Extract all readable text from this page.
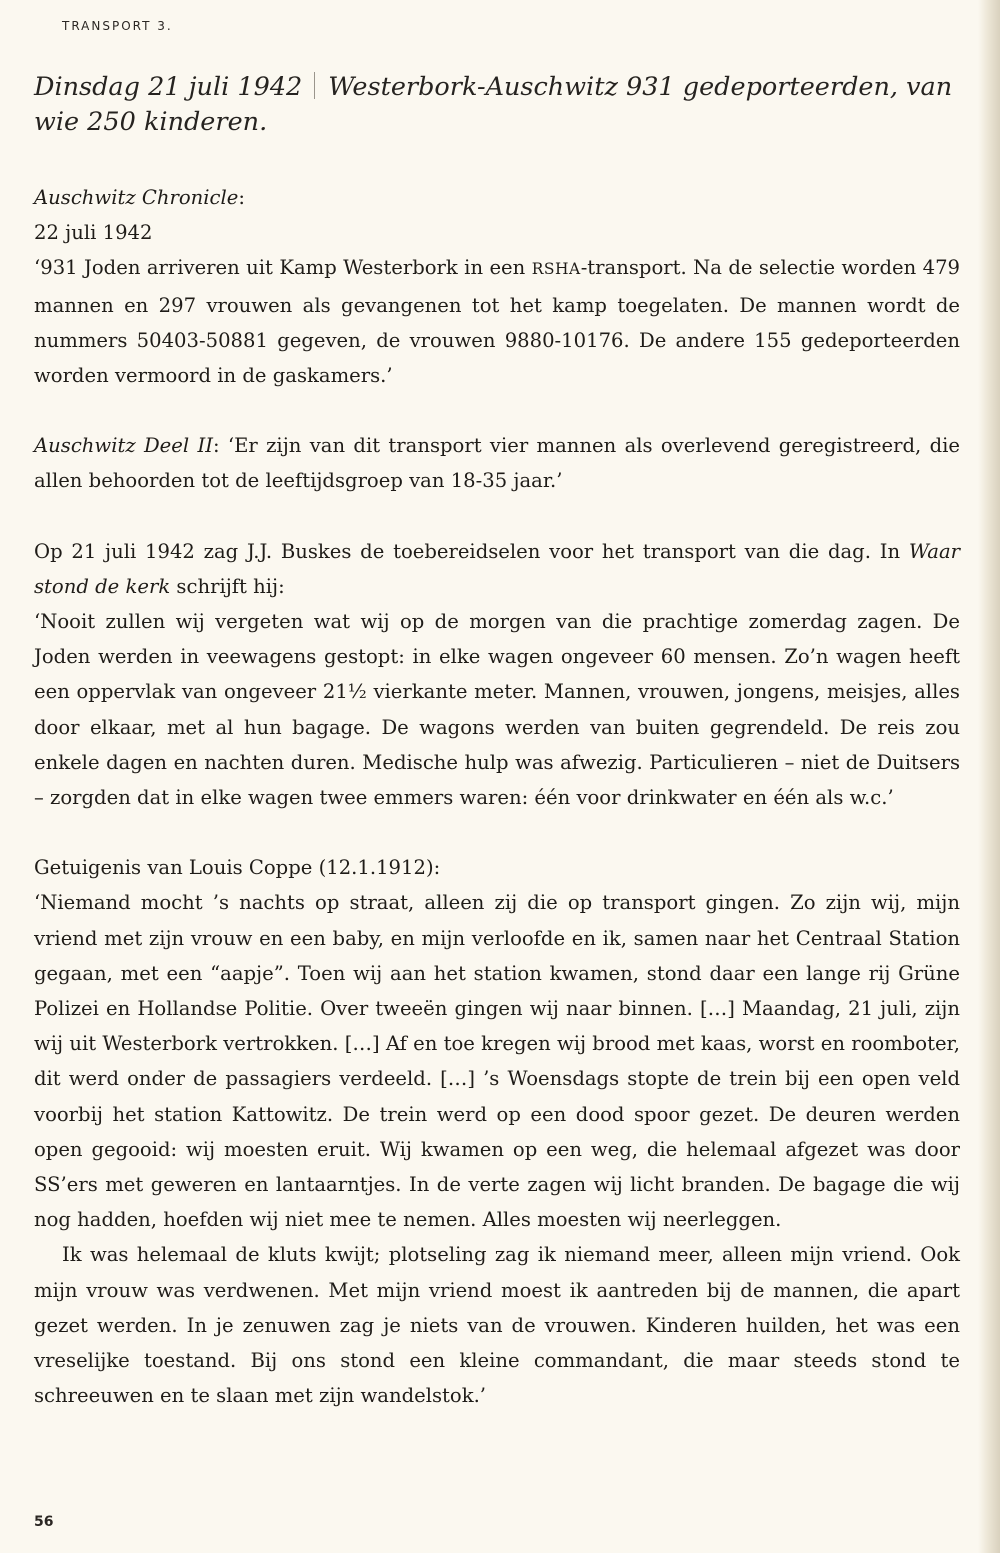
TRANSPORT 3.
Dinsdag 21 juli 1942 Westerbork-Auschwitz 931 gedeporteerden, van
wie 250 kinderen.

Auschwitz Chronicle:

22 juli 1942

‘931 Joden arriveren uit Kamp Westerbork in een RSHA-transport. Na de selectie worden 479 mannen en 297 vrouwen als gevangenen tot het kamp toegelaten. De mannen wordt de nummers 50403-50881 gegeven, de vrouwen 9880-10176. De andere 155 gedeporteerden worden vermoord in de gaskamers.’

Auschwitz Deel II: ‘Er zijn van dit transport vier mannen als overlevend geregistreerd, die allen behoorden tot de leeftijdsgroep van 18-35 jaar.’

Op 21 juli 1942 zag J.J. Buskes de toebereidselen voor het transport van die dag. In Waar stond de kerk schrijft hij:

‘Nooit zullen wij vergeten wat wij op de morgen van die prachtige zomerdag zagen. De Joden werden in veewagens gestopt: in elke wagen ongeveer 60 mensen. Zo’n wagen heeft een oppervlak van ongeveer 21½ vierkante meter. Mannen, vrouwen, jongens, meisjes, alles door elkaar, met al hun bagage. De wagons werden van buiten gegrendeld. De reis zou enkele dagen en nachten duren. Medische hulp was afwezig. Particulieren – niet de Duitsers – zorgden dat in elke wagen twee emmers waren: één voor drinkwater en één als w.c.’

Getuigenis van Louis Coppe (12.1.1912):

‘Niemand mocht ’s nachts op straat, alleen zij die op transport gingen. Zo zijn wij, mijn vriend met zijn vrouw en een baby, en mijn verloofde en ik, samen naar het Centraal Station gegaan, met een “aapje”. Toen wij aan het station kwamen, stond daar een lange rij Grüne Polizei en Hollandse Politie. Over tweeën gingen wij naar binnen. […] Maandag, 21 juli, zijn wij uit Westerbork vertrokken. […] Af en toe kregen wij brood met kaas, worst en roomboter, dit werd onder de passagiers verdeeld. […] ’s Woensdags stopte de trein bij een open veld voorbij het station Kattowitz. De trein werd op een dood spoor gezet. De deuren werden open gegooid: wij moesten eruit. Wij kwamen op een weg, die helemaal afgezet was door SS’ers met geweren en lantaarntjes. In de verte zagen wij licht branden. De bagage die wij nog hadden, hoefden wij niet mee te nemen. Alles moesten wij neerleggen.

Ik was helemaal de kluts kwijt; plotseling zag ik niemand meer, alleen mijn vriend. Ook mijn vrouw was verdwenen. Met mijn vriend moest ik aantreden bij de mannen, die apart gezet werden. In je zenuwen zag je niets van de vrouwen. Kinderen huilden, het was een vreselijke toestand. Bij ons stond een kleine commandant, die maar steeds stond te schreeuwen en te slaan met zijn wandelstok.’

56
